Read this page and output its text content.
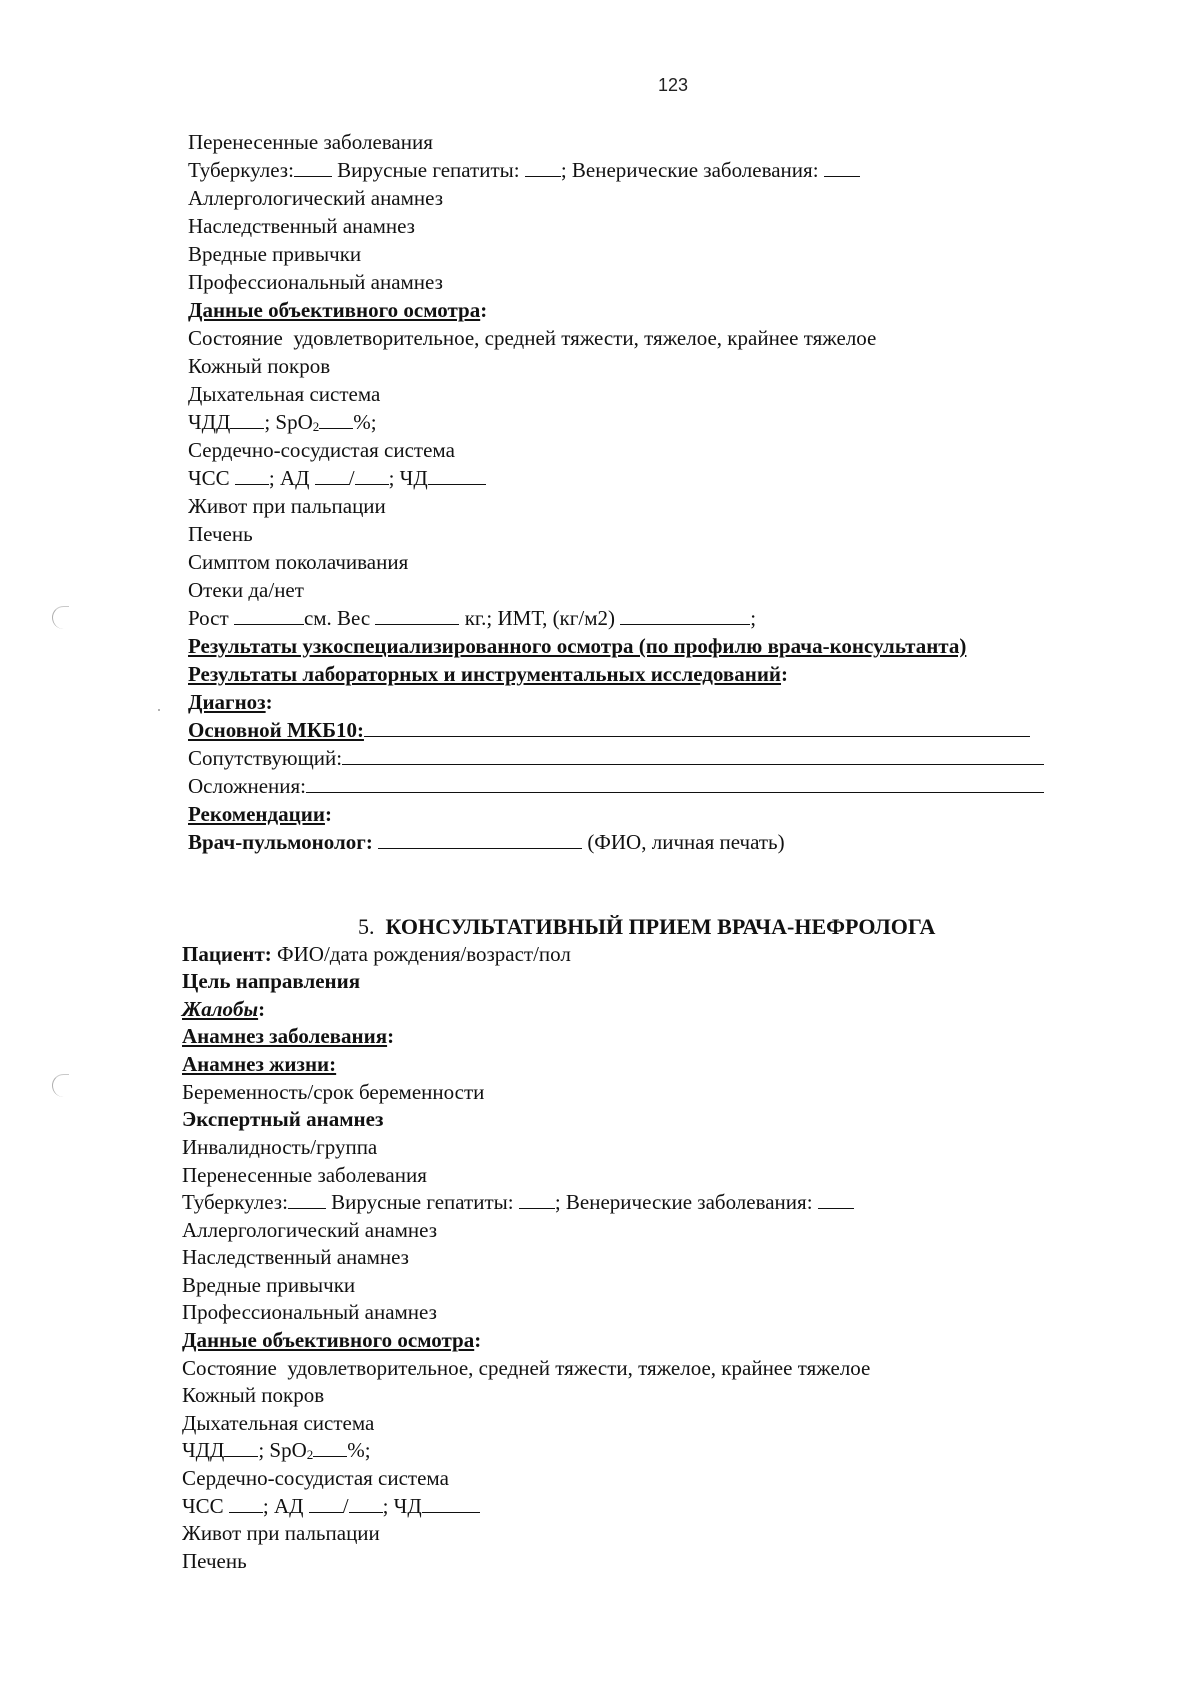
123
Перенесенные заболевания
Туберкулез: Вирусные гепатиты: ; Венерические заболевания:
Аллергологический анамнез
Наследственный анамнез
Вредные привычки
Профессиональный анамнез
Данные объективного осмотра:
Состояние удовлетворительное, средней тяжести, тяжелое, крайнее тяжелое
Кожный покров
Дыхательная система
ЧДД ; SpO$_2$ %;
Сердечно-сосудистая система
ЧСС ; АД / ; ЧД
Живот при пальпации
Печень
Симптом поколачивания
Отеки да/нет
Рост	см. Вес	кг.; ИМТ, (кг/м2)	;
Результаты узкоспециализированного осмотра (по профилю врача-консультанта)
Результаты лабораторных и инструментальных исследований:
Диагноз:
Основной МКБ10:
Сопутствующий:
Осложнения:
Рекомендации:
Врач-пульмонолог:	(ФИО, личная печать)
5. КОНСУЛЬТАТИВНЫЙ ПРИЕМ ВРАЧА-НЕФРОЛОГА
Пациент: ФИО/дата рождения/возраст/пол
Цель направления
Жалобы:
Анамнез заболевания:
Анамнез жизни:
Беременность/срок беременности
Экспертный анамнез
Инвалидность/группа
Перенесенные заболевания
Туберкулез: Вирусные гепатиты: ; Венерические заболевания:
Аллергологический анамнез
Наследственный анамнез
Вредные привычки
Профессиональный анамнез
Данные объективного осмотра:
Состояние удовлетворительное, средней тяжести, тяжелое, крайнее тяжелое
Кожный покров
Дыхательная система
ЧДД ; SpO$_2$ %;
Сердечно-сосудистая система
ЧСС ; АД / ; ЧД
Живот при пальпации
Печень
